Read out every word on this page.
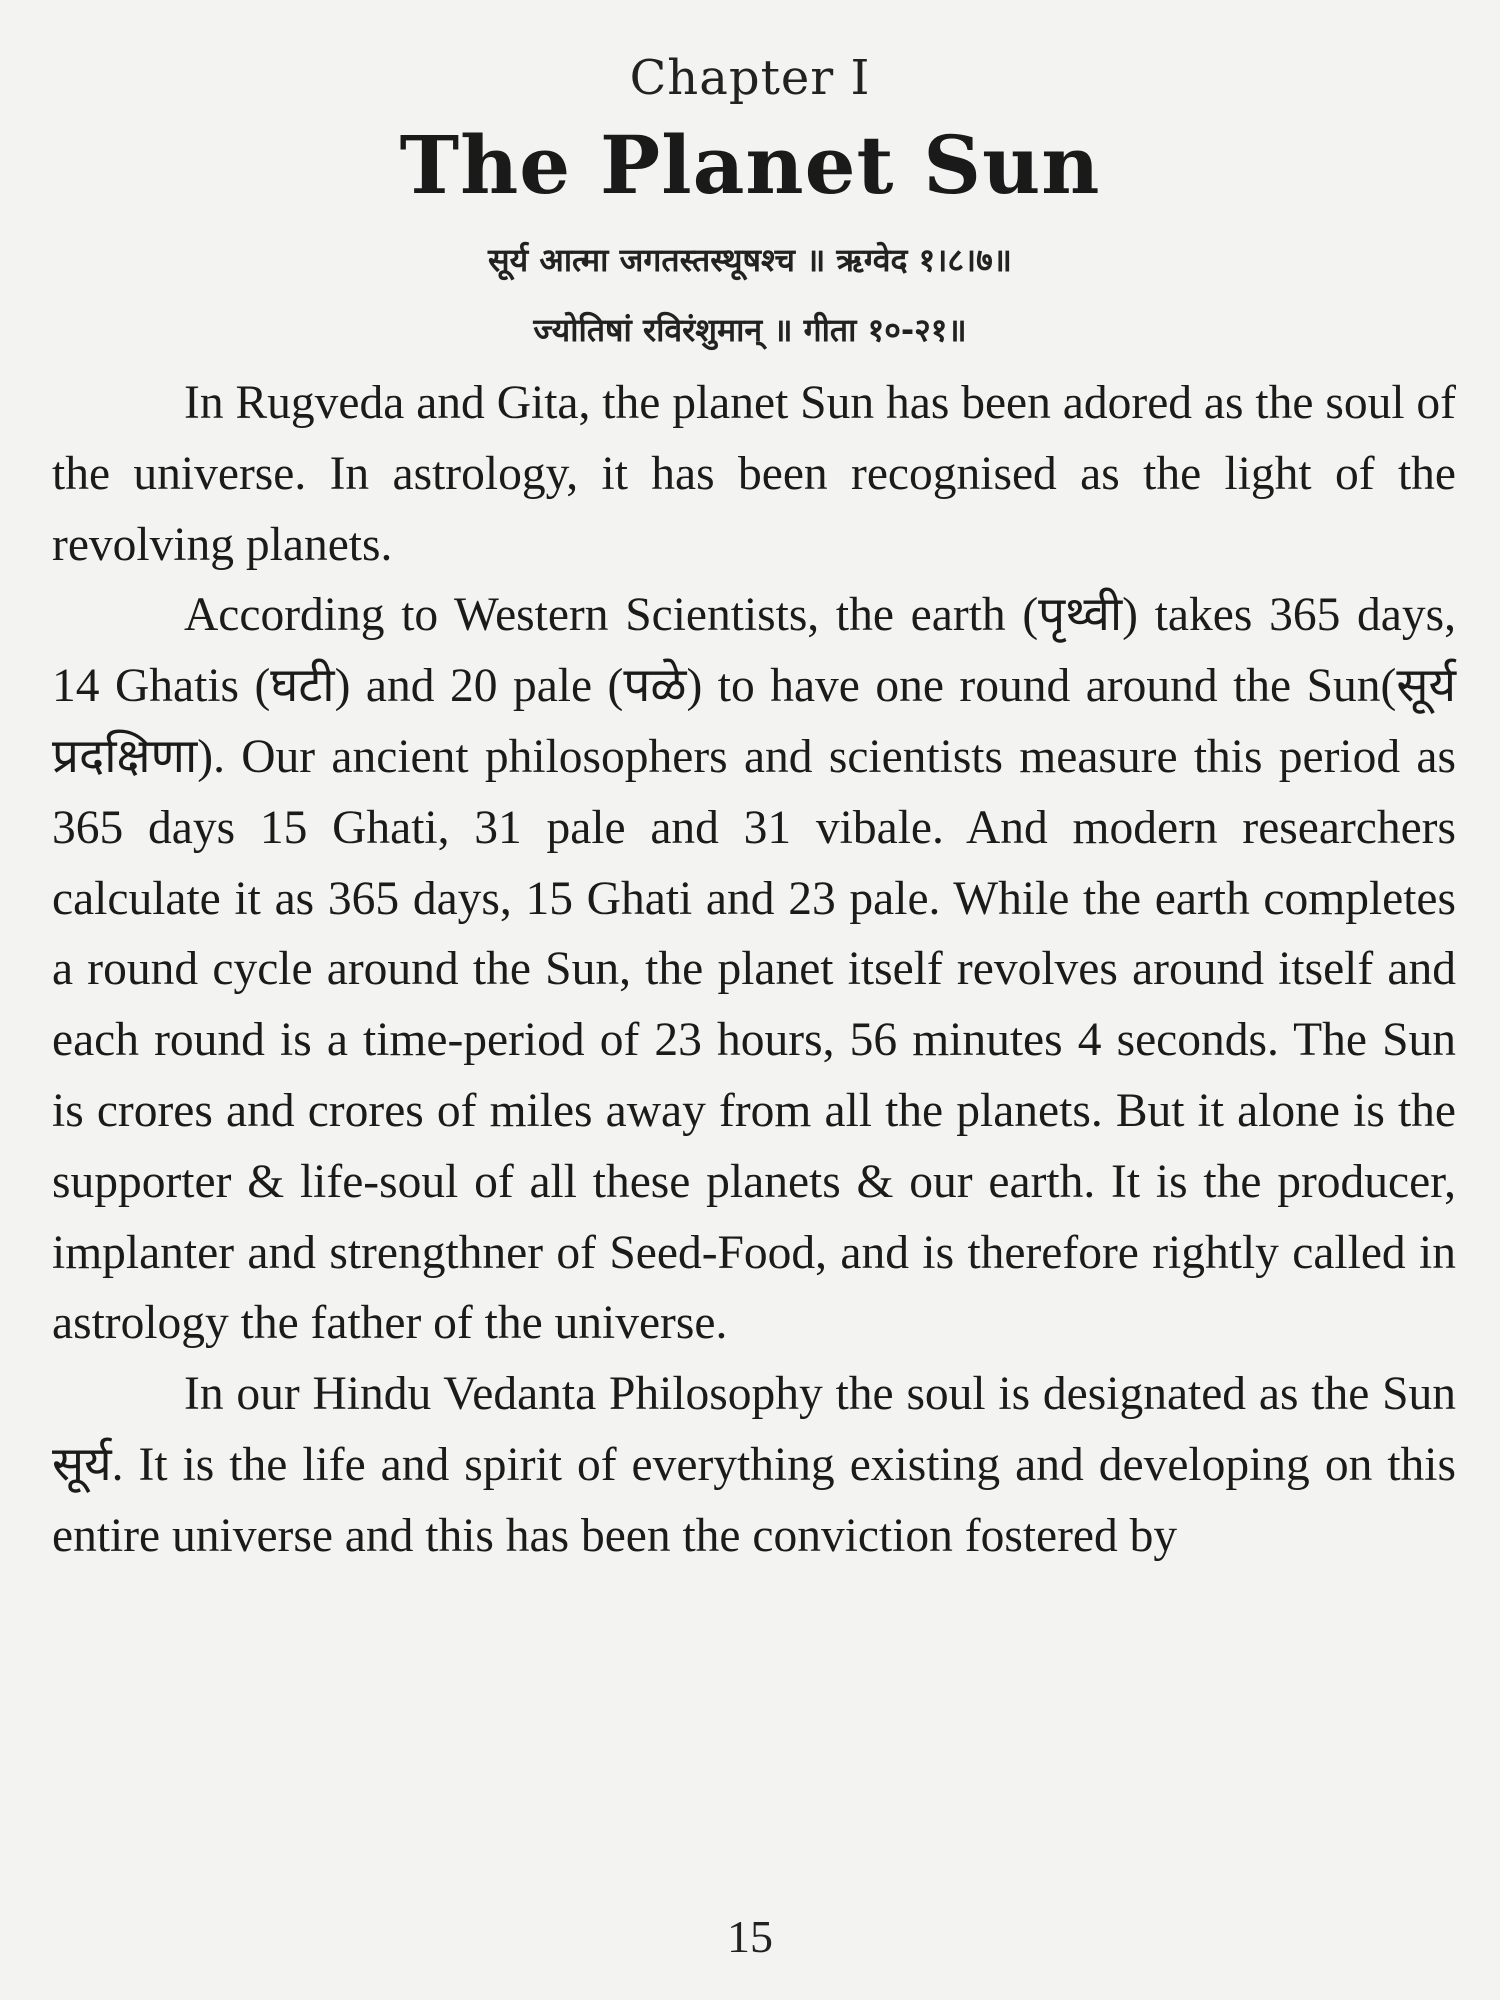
Chapter I
The Planet Sun
सूर्य आत्मा जगतस्तस्थूषश्च ॥ ऋग्वेद १।८।७॥
ज्योतिषां रविरंशुमान् ॥ गीता १०-२१॥

In Rugveda and Gita, the planet Sun has been adored as the soul of the universe. In astrology, it has been recognised as the light of the revolving planets.

According to Western Scientists, the earth (पृथ्वी) takes 365 days, 14 Ghatis (घटी) and 20 pale (पळे) to have one round around the Sun(सूर्य प्रदक्षिणा). Our ancient philosophers and scientists measure this period as 365 days 15 Ghati, 31 pale and 31 vibale. And modern researchers calculate it as 365 days, 15 Ghati and 23 pale. While the earth completes a round cycle around the Sun, the planet itself revolves around itself and each round is a time-period of 23 hours, 56 minutes 4 seconds. The Sun is crores and crores of miles away from all the planets. But it alone is the supporter & life-soul of all these planets & our earth. It is the producer, implanter and strengthner of Seed-Food, and is therefore rightly called in astrology the father of the universe.

In our Hindu Vedanta Philosophy the soul is designated as the Sun सूर्य. It is the life and spirit of everything existing and developing on this entire universe and this has been the conviction fostered by

15
